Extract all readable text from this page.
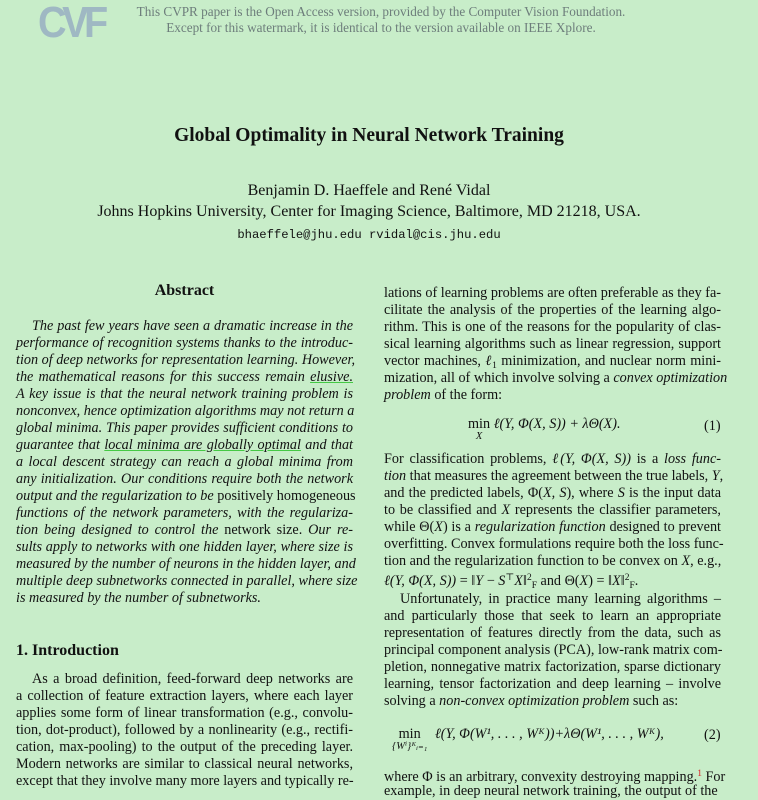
CVF	This CVPR paper is the Open Access version, provided by the Computer Vision Foundation.
Except for this watermark, it is identical to the version available on IEEE Xplore.
Global Optimality in Neural Network Training
Benjamin D. Haeffele and René Vidal
Johns Hopkins University, Center for Imaging Science, Baltimore, MD 21218, USA.
bhaeffele@jhu.edu rvidal@cis.jhu.edu
Abstract
The past few years have seen a dramatic increase in the
performance of recognition systems thanks to the introduc-
tion of deep networks for representation learning. However,
the mathematical reasons for this success remain elusive.
A key issue is that the neural network training problem is
nonconvex, hence optimization algorithms may not return a
global minima. This paper provides sufficient conditions to
guarantee that local minima are globally optimal and that
a local descent strategy can reach a global minima from
any initialization. Our conditions require both the network
output and the regularization to be positively homogeneous
functions of the network parameters, with the regulariza-
tion being designed to control the network size. Our re-
sults apply to networks with one hidden layer, where size is
measured by the number of neurons in the hidden layer, and
multiple deep subnetworks connected in parallel, where size
is measured by the number of subnetworks.
1. Introduction
As a broad definition, feed-forward deep networks are
a collection of feature extraction layers, where each layer
applies some form of linear transformation (e.g., convolu-
tion, dot-product), followed by a nonlinearity (e.g., rectifi-
cation, max-pooling) to the output of the preceding layer.
Modern networks are similar to classical neural networks,
except that they involve many more layers and typically re-
lations of learning problems are often preferable as they fa-
cilitate the analysis of the properties of the learning algo-
rithm. This is one of the reasons for the popularity of clas-
sical learning algorithms such as linear regression, support
vector machines, ℓ$_1$ minimization, and nuclear norm mini-
mization, all of which involve solving a convex optimization
problem of the form:
min
X
ℓ(Y, Φ(X, S)) + λΘ(X).	(1)
For classification problems, ℓ(Y, Φ(X, S)) is a loss func-
tion that measures the agreement between the true labels, Y,
and the predicted labels, Φ(X, S), where S is the input data
to be classified and X represents the classifier parameters,
while Θ(X) is a regularization function designed to prevent
overfitting. Convex formulations require both the loss func-
tion and the regularization function to be convex on X, e.g.,
ℓ(Y, Φ(X, S)) = ‖Y − S⊤X‖$^2_F$ and Θ(X) = ‖X‖$^2_F$.
Unfortunately, in practice many learning algorithms –
and particularly those that seek to learn an appropriate
representation of features directly from the data, such as
principal component analysis (PCA), low-rank matrix com-
pletion, nonnegative matrix factorization, sparse dictionary
learning, tensor factorization and deep learning – involve
solving a non-convex optimization problem such as:
min
{Wⁱ}ᴷᵢ₌₁
ℓ(Y, Φ(W¹, . . . , Wᴷ))+λΘ(W¹, . . . , Wᴷ),	(2)
where Φ is an arbitrary, convexity destroying mapping.$^1$ For
example, in deep neural network training, the output of the
